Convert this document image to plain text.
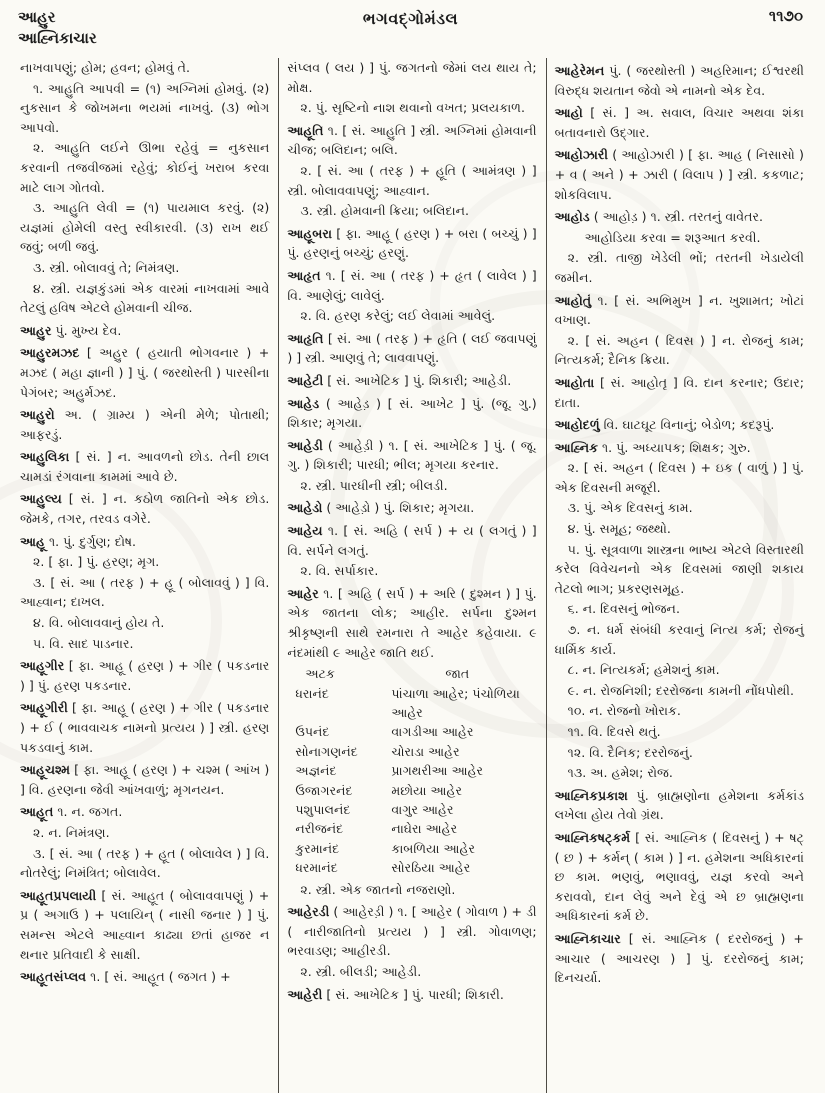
આહુર
આહ્નિકાચાર
ભગવદ્ગોમંડલ	૧૧૭૦

નાખવાપણું; હોમ; હવન; હોમવું તે.

૧. આહુતિ આપવી = (૧) અગ્નિમાં હોમવું. (૨) નુકસાન કે જોખમના ભયમાં નાખવું. (૩) ભોગ આપવો.

૨. આહુતિ લઈને ઊભા રહેવું = નુકસાન કરવાની તજવીજમાં રહેવું; કોઈનું ખરાબ કરવા માટે લાગ ગોતવો.

૩. આહુતિ લેવી = (૧) પાયમાલ કરવું. (૨) યજ્ઞમાં હોમેલી વસ્તુ સ્વીકારવી. (૩) રાખ થઈ જવું; બળી જવું.

૩. સ્ત્રી. બોલાવવું તે; નિમંત્રણ.

૪. સ્ત્રી. યજ્ઞકુંડમાં એક વારમાં નાખવામાં આવે તેટલું હવિષ એટલે હોમવાની ચીજ.

આહુર પું. મુખ્ય દેવ.

આહુરમઝદ [ અહુર ( હયાતી ભોગવનાર ) + મઝદ ( મહા જ્ઞાની ) ] પું. ( જરથોસ્તી ) પારસીના પેગંબર; અહુર્મઝદ.

આહુરો અ. ( ગ્રામ્ય ) એની મેળે; પોતાથી; આફરડું.

આહુલિકા [ સં. ] ન. આવળનો છોડ. તેની છાલ ચામડાં રંગવાના કામમાં આવે છે.

આહુલ્ય [ સં. ] ન. કઠોળ જાતિનો એક છોડ. જેમકે, તગર, તરવડ વગેરે.

આહૂ ૧. પું. દુર્ગુણ; દોષ.

૨. [ ફા. ] પું. હરણ; મૃગ.

૩. [ સં. આ ( તરફ ) + હૂ ( બોલાવવું ) ] વિ. આહ્વાન; દાખલ.

૪. વિ. બોલાવવાનું હોય તે.

૫. વિ. સાદ પાડનાર.

આહૂગીર [ ફા. આહૂ ( હરણ ) + ગીર ( પકડનાર ) ] પું. હરણ પકડનાર.

આહૂગીરી [ ફા. આહૂ ( હરણ ) + ગીર ( પકડનાર ) + ઈ ( ભાવવાચક નામનો પ્રત્યય ) ] સ્ત્રી. હરણ પકડવાનું કામ.

આહૂચશ્મ [ ફા. આહૂ ( હરણ ) + ચશ્મ ( આંખ ) ] વિ. હરણના જેવી આંખવાળું; મૃગનયન.

આહૂત ૧. ન. જગત.

૨. ન. નિમંત્રણ.

૩. [ સં. આ ( તરફ ) + હૂત ( બોલાવેલ ) ] વિ. નોતરેલું; નિમંત્રિત; બોલાવેલ.

આહૂતપ્રપલાયી [ સં. આહૂત ( બોલાવવાપણું ) + પ્ર ( અગાઉ ) + પલાયિન્ ( નાસી જનાર ) ] પું. સમન્સ એટલે આહ્વાન કાઢ્યા છતાં હાજર ન થનાર પ્રતિવાદી કે સાક્ષી.

આહૂતસંપ્લવ ૧. [ સં. આહૂત ( જગત ) +

સંપ્લવ ( લય ) ] પું. જગતનો જેમાં લય થાય તે; મોક્ષ.

૨. પું. સૃષ્ટિનો નાશ થવાનો વખત; પ્રલયકાળ.

આહૂતિ ૧. [ સં. આહુતિ ] સ્ત્રી. અગ્નિમાં હોમવાની ચીજ; બલિદાન; બલિ.

૨. [ સં. આ ( તરફ ) + હૂતિ ( આમંત્રણ ) ] સ્ત્રી. બોલાવવાપણું; આહ્વાન.

૩. સ્ત્રી. હોમવાની ક્રિયા; બલિદાન.

આહૂબરા [ ફા. આહૂ ( હરણ ) + બરા ( બચ્ચું ) ] પું. હરણનું બચ્ચું; હરણું.

આહૃત ૧. [ સં. આ ( તરફ ) + હૃત ( લાવેલ ) ] વિ. આણેલું; લાવેલું.

૨. વિ. હરણ કરેલું; લઈ લેવામાં આવેલું.

આહૃતિ [ સં. આ ( તરફ ) + હૃતિ ( લઈ જવાપણું ) ] સ્ત્રી. આણવું તે; લાવવાપણું.

આહેટી [ સં. આખેટિક ] પું. શિકારી; આહેડી.

આહેડ ( આહેડ઼ ) [ સં. આખેટ ] પું. (જૂ. ગુ.) શિકાર; મૃગયા.

આહેડી ( આહેડ઼ી ) ૧. [ સં. આખેટિક ] પું. ( જૂ. ગુ. ) શિકારી; પારધી; ભીલ; મૃગયા કરનાર.

૨. સ્ત્રી. પારધીની સ્ત્રી; બીલડી.

આહેડો ( આહેડ઼ો ) પું. શિકાર; મૃગયા.

આહેય ૧. [ સં. અહિ ( સર્પ ) + ય ( લગતું ) ] વિ. સર્પને લગતું.

૨. વિ. સર્પાકાર.

આહેર ૧. [ અહિ ( સર્પ ) + અરિ ( દુશ્મન ) ] પું. એક જાતના લોક; આહીર. સર્પના દુશ્મન શ્રીકૃષ્ણની સાથે રમનારા તે આહેર કહેવાયા. ૯ નંદમાંથી ૯ આહેર જાતિ થઈ.

અટક	જાત
ધરાનંદ	પાંચાળા આહેર; પંચોળિયા આહેર
ઉપનંદ	વાગડીઆ આહેર
સોનાગણનંદ	ચોરાડા આહેર
અજ્ઞનંદ	પ્રાગથરીઆ આહેર
ઉજાગરનંદ	મછોયા આહેર
પશુપાલનંદ	વાગુર આહેર
નરીજનંદ	નાઘેરા આહેર
કુરમાનંદ	કાબળિયા આહેર
ધરમાનંદ	સોરઠિયા આહેર

૨. સ્ત્રી. એક જાતનો નજરાણો.

આહેરડી ( આહેરડ઼ી ) ૧. [ આહેર ( ગોવાળ ) + ડી ( નારીજાતિનો પ્રત્યય ) ] સ્ત્રી. ગોવાળણ; ભરવાડણ; આહીરડી.

૨. સ્ત્રી. બીલડી; આહેડી.

આહેરી [ સં. આખેટિક ] પું. પારધી; શિકારી.

આહેરેમન પું. ( જરથોસ્તી ) અહરિમાન; ઈશ્વરથી વિરુદ્ધ શયતાન જેવો એ નામનો એક દેવ.

આહો [ સં. ] અ. સવાલ, વિચાર અથવા શંકા બતાવનારો ઉદ્ગાર.

આહોઝારી ( આહોઝારી ) [ ફા. આહ ( નિસાસો ) + વ ( અને ) + ઝારી ( વિલાપ ) ] સ્ત્રી. કકળાટ; શોકવિલાપ.

આહોડ ( આહોડ઼ ) ૧. સ્ત્રી. તરતનું વાવેતર.

આહોડિયા કરવા = શરૂઆત કરવી.

૨. સ્ત્રી. તાજી ખેડેલી ભોં; તરતની ખેડાયેલી જમીન.

આહોતું ૧. [ સં. અભિમુખ ] ન. ખુશામત; ખોટાં વખાણ.

૨. [ સં. અહન ( દિવસ ) ] ન. રોજનું કામ; નિત્યકર્મ; દૈનિક ક્રિયા.

આહોતા [ સં. આહોતૃ ] વિ. દાન કરનાર; ઉદાર; દાતા.

આહોદળું વિ. ઘાટઘૂટ વિનાનું; બેડોળ; કદરૂપું.

આહ્નિક ૧. પું. અધ્યાપક; શિક્ષક; ગુરુ.

૨. [ સં. અહન ( દિવસ ) + ઇક ( વાળું ) ] પું. એક દિવસની મજૂરી.

૩. પું. એક દિવસનું કામ.

૪. પું. સમૂહ; જથ્થો.

૫. પું. સૂત્રવાળા શાસ્ત્રના ભાષ્ય એટલે વિસ્તારથી કરેલ વિવેચનનો એક દિવસમાં જાણી શકાય તેટલો ભાગ; પ્રકરણસમૂહ.

૬. ન. દિવસનું ભોજન.

૭. ન. ધર્મ સંબંધી કરવાનું નિત્ય કર્મ; રોજનું ધાર્મિક કાર્ય.

૮. ન. નિત્યકર્મ; હમેશનું કામ.

૯. ન. રોજનિશી; દરરોજના કામની નોંધપોથી.

૧૦. ન. રોજનો ખોરાક.

૧૧. વિ. દિવસે થતું.

૧૨. વિ. દૈનિક; દરરોજનું.

૧૩. અ. હમેશ; રોજ.

આહ્નિકપ્રકાશ પું. બ્રાહ્મણોના હમેશના કર્મકાંડ લખેલા હોય તેવો ગ્રંથ.

આહ્નિકષટ્કર્મ [ સં. આહ્નિક ( દિવસનું ) + ષટ્ ( છ ) + કર્મન્ ( કામ ) ] ન. હમેશના અધિકારનાં છ કામ. ભણવું, ભણાવવું, યજ્ઞ કરવો અને કરાવવો, દાન લેવું અને દેવું એ છ બ્રાહ્મણના અધિકારનાં કર્મ છે.

આહ્નિકાચાર [ સં. આહ્નિક ( દરરોજનું ) + આચાર ( આચરણ ) ] પું. દરરોજનું કામ; દિનચર્યા.
